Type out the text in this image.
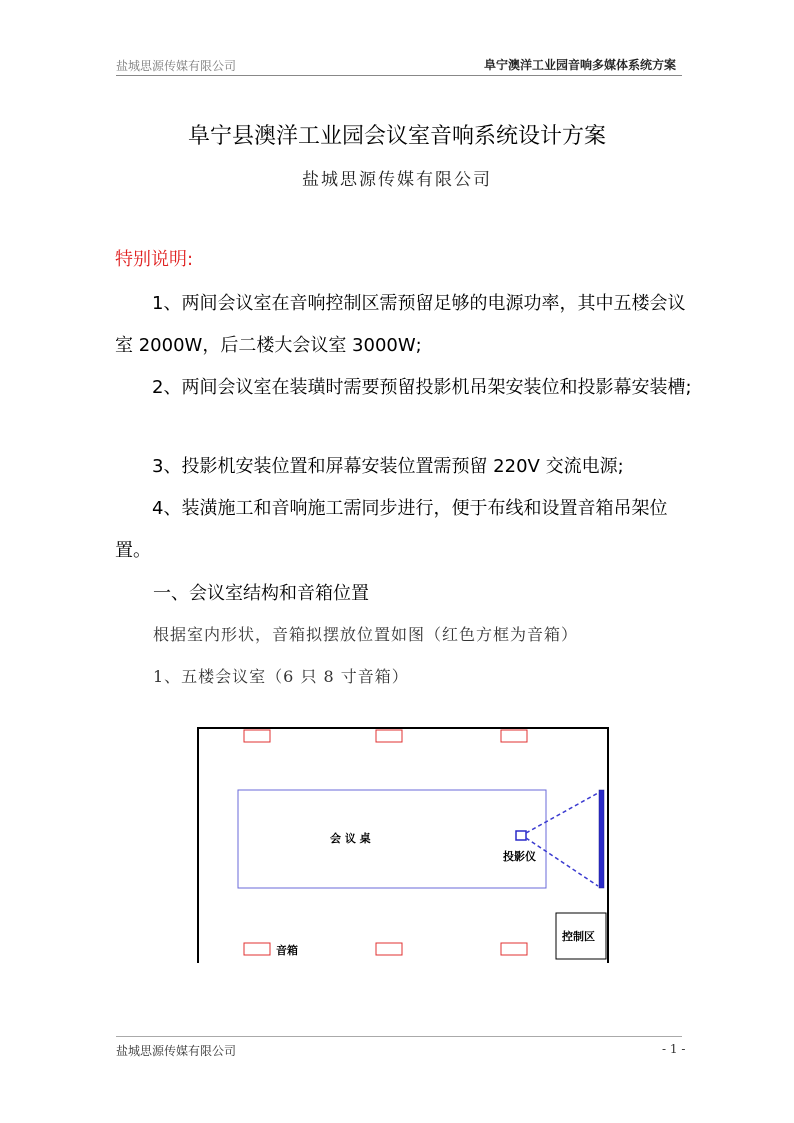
盐城思源传媒有限公司	阜宁澳洋工业园音响多媒体系统方案
阜宁县澳洋工业园会议室音响系统设计方案
盐城思源传媒有限公司
特别说明:
1、两间会议室在音响控制区需预留足够的电源功率，其中五楼会议室 2000W，后二楼大会议室 3000W;
2、两间会议室在装璜时需要预留投影机吊架安装位和投影幕安装槽;
3、投影机安装位置和屏幕安装位置需预留 220V 交流电源;
4、装潢施工和音响施工需同步进行，便于布线和设置音箱吊架位置。
一、会议室结构和音箱位置
根据室内形状，音箱拟摆放位置如图（红色方框为音箱）
1、五楼会议室（6 只 8 寸音箱）
会 议 桌
投影仪
音箱
控制区
盐城思源传媒有限公司	- 1 -
